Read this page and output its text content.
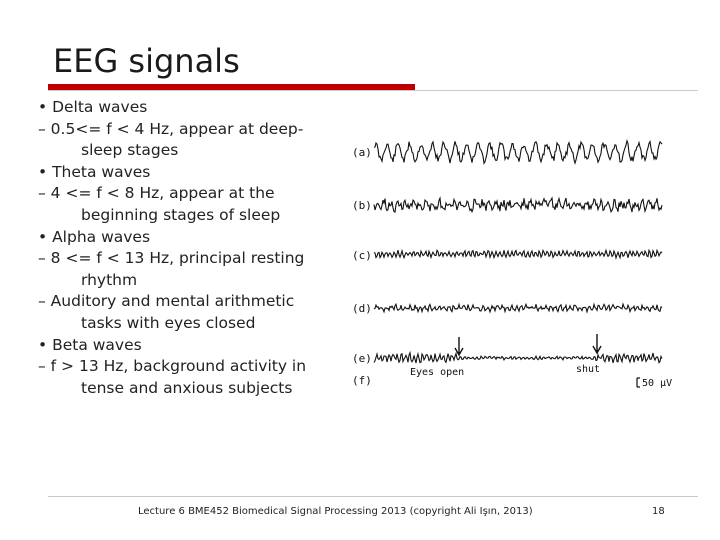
EEG signals
• Delta waves
– 0.5<= f < 4 Hz, appear at deep-
sleep stages
• Theta waves
– 4 <= f < 8 Hz, appear at the
beginning stages of sleep
• Alpha waves
– 8 <= f < 13 Hz, principal resting
rhythm
– Auditory and mental arithmetic
tasks with eyes closed
• Beta waves
– f > 13 Hz, background activity in
tense and anxious subjects
(a)
(b)
(c)
(d)
(e)
(f)
Eyes open	shut
50 µV
Lecture 6 BME452 Biomedical Signal Processing 2013 (copyright Ali Işın, 2013)	18
